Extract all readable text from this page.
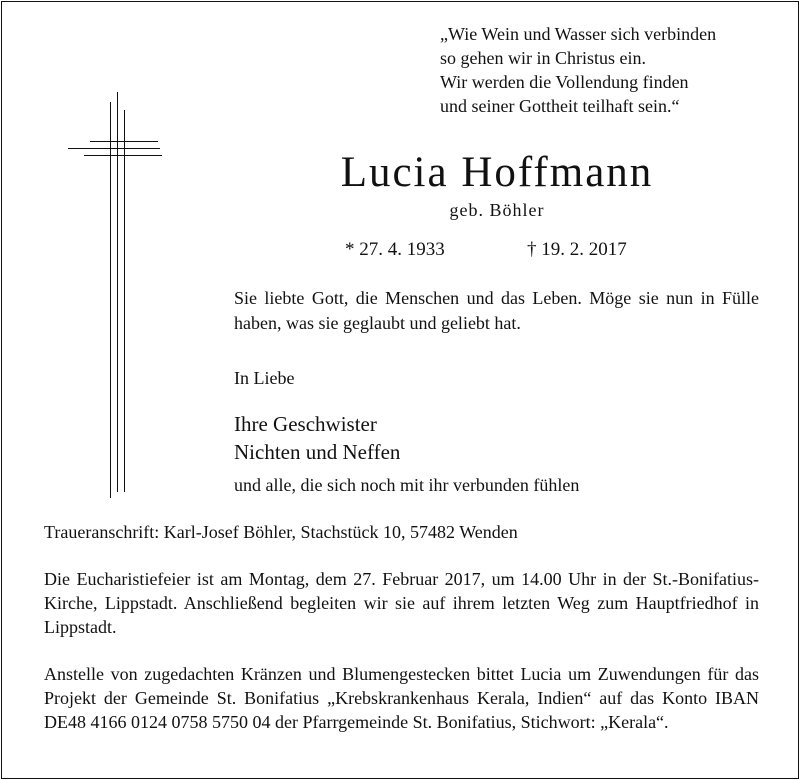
„Wie Wein und Wasser sich verbinden
so gehen wir in Christus ein.
Wir werden die Vollendung finden
und seiner Gottheit teilhaft sein.“
Lucia Hoffmann
geb. Böhler
* 27. 4. 1933	† 19. 2. 2017
Sie liebte Gott, die Menschen und das Leben. Möge sie nun in Fülle haben, was sie geglaubt und geliebt hat.
In Liebe
Ihre Geschwister
Nichten und Neffen
und alle, die sich noch mit ihr verbunden fühlen
Traueranschrift: Karl-Josef Böhler, Stachstück 10, 57482 Wenden
Die Eucharistiefeier ist am Montag, dem 27. Februar 2017, um 14.00 Uhr in der St.-Bonifatius-Kirche, Lippstadt. Anschließend begleiten wir sie auf ihrem letzten Weg zum Hauptfriedhof in Lippstadt.
Anstelle von zugedachten Kränzen und Blumengestecken bittet Lucia um Zuwendungen für das Projekt der Gemeinde St. Bonifatius „Krebskrankenhaus Kerala, Indien“ auf das Konto IBAN DE48 4166 0124 0758 5750 04 der Pfarrgemeinde St. Bonifatius, Stichwort: „Kerala“.
